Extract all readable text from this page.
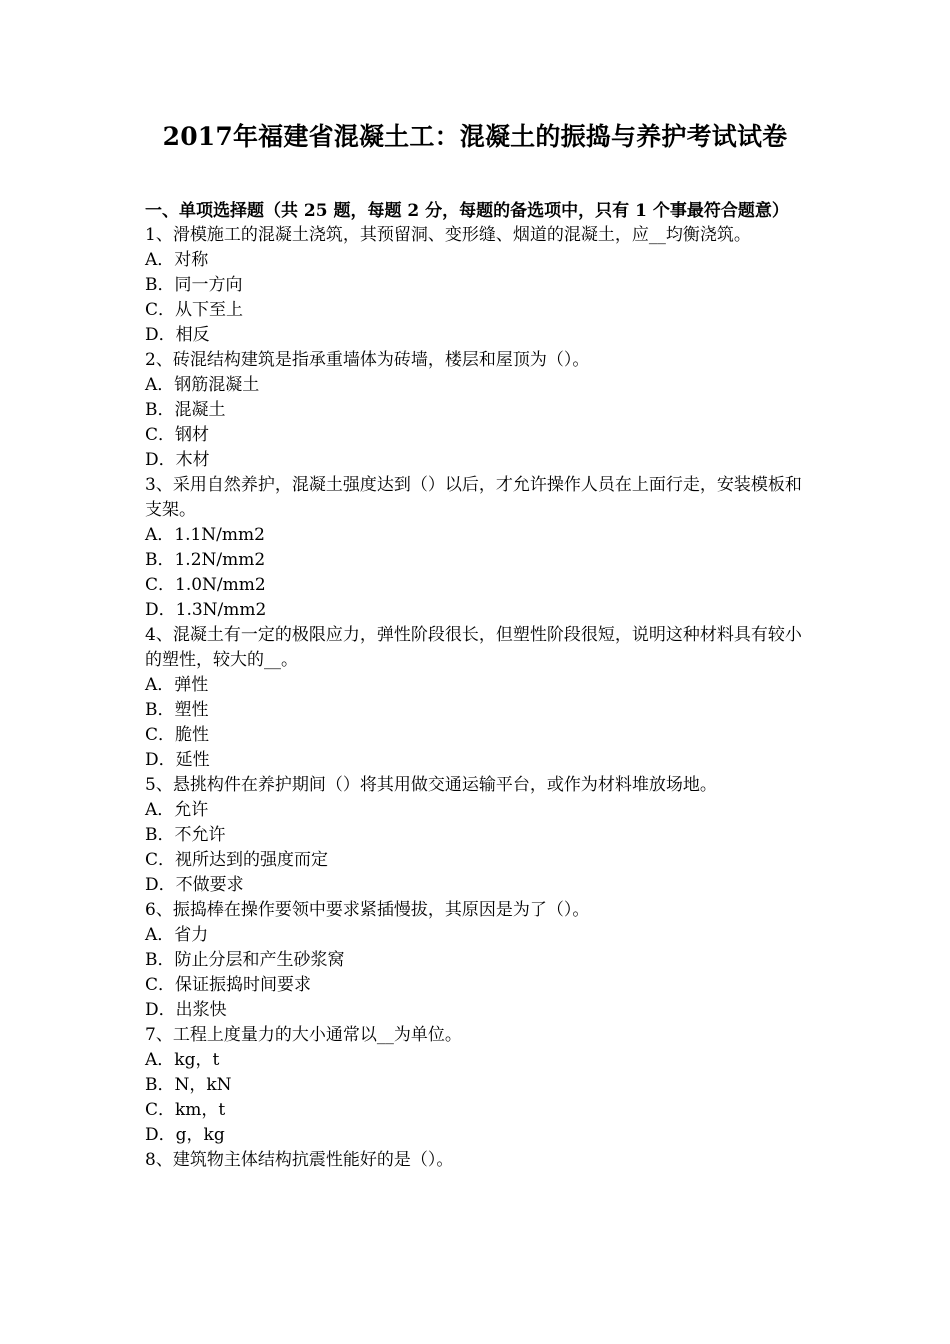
2017年福建省混凝土工：混凝土的振捣与养护考试试卷
一、单项选择题（共 25 题，每题 2 分，每题的备选项中，只有 1 个事最符合题意）
1、滑模施工的混凝土浇筑，其预留洞、变形缝、烟道的混凝土，应__均衡浇筑。
A．对称
B．同一方向
C．从下至上
D．相反
2、砖混结构建筑是指承重墙体为砖墙，楼层和屋顶为（）。
A．钢筋混凝土
B．混凝土
C．钢材
D．木材
3、采用自然养护，混凝土强度达到（）以后，才允许操作人员在上面行走，安装模板和支架。
A．1.1N/mm2
B．1.2N/mm2
C．1.0N/mm2
D．1.3N/mm2
4、混凝土有一定的极限应力，弹性阶段很长，但塑性阶段很短，说明这种材料具有较小的塑性，较大的__。
A．弹性
B．塑性
C．脆性
D．延性
5、悬挑构件在养护期间（）将其用做交通运输平台，或作为材料堆放场地。
A．允许
B．不允许
C．视所达到的强度而定
D．不做要求
6、振捣棒在操作要领中要求紧插慢拔，其原因是为了（）。
A．省力
B．防止分层和产生砂浆窝
C．保证振捣时间要求
D．出浆快
7、工程上度量力的大小通常以__为单位。
A．kg，t
B．N，kN
C．km，t
D．g，kg
8、建筑物主体结构抗震性能好的是（）。
